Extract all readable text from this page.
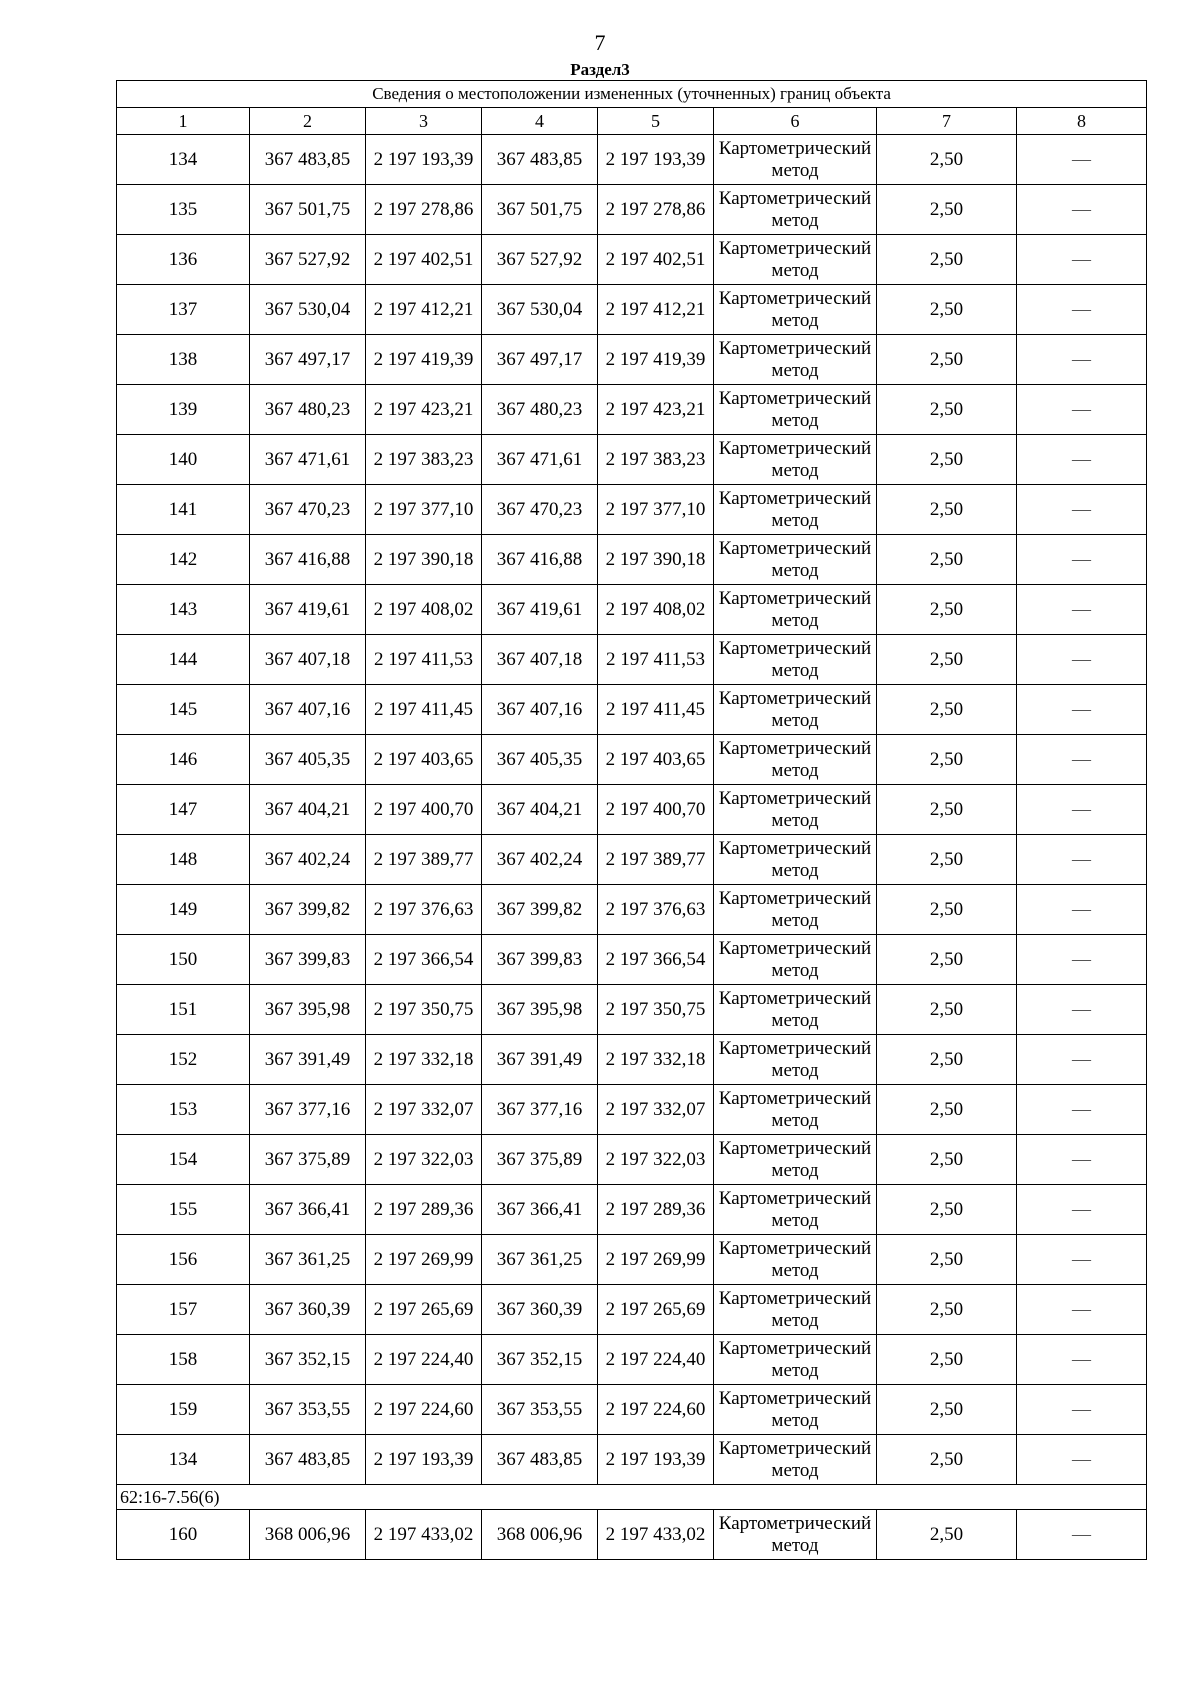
7
Раздел3
Сведения о местоположении измененных (уточненных) границ объекта							
1	2	3	4	5	6	7	8
134	367 483,85	2 197 193,39	367 483,85	2 197 193,39	Картометрический метод	2,50	—
135	367 501,75	2 197 278,86	367 501,75	2 197 278,86	Картометрический метод	2,50	—
136	367 527,92	2 197 402,51	367 527,92	2 197 402,51	Картометрический метод	2,50	—
137	367 530,04	2 197 412,21	367 530,04	2 197 412,21	Картометрический метод	2,50	—
138	367 497,17	2 197 419,39	367 497,17	2 197 419,39	Картометрический метод	2,50	—
139	367 480,23	2 197 423,21	367 480,23	2 197 423,21	Картометрический метод	2,50	—
140	367 471,61	2 197 383,23	367 471,61	2 197 383,23	Картометрический метод	2,50	—
141	367 470,23	2 197 377,10	367 470,23	2 197 377,10	Картометрический метод	2,50	—
142	367 416,88	2 197 390,18	367 416,88	2 197 390,18	Картометрический метод	2,50	—
143	367 419,61	2 197 408,02	367 419,61	2 197 408,02	Картометрический метод	2,50	—
144	367 407,18	2 197 411,53	367 407,18	2 197 411,53	Картометрический метод	2,50	—
145	367 407,16	2 197 411,45	367 407,16	2 197 411,45	Картометрический метод	2,50	—
146	367 405,35	2 197 403,65	367 405,35	2 197 403,65	Картометрический метод	2,50	—
147	367 404,21	2 197 400,70	367 404,21	2 197 400,70	Картометрический метод	2,50	—
148	367 402,24	2 197 389,77	367 402,24	2 197 389,77	Картометрический метод	2,50	—
149	367 399,82	2 197 376,63	367 399,82	2 197 376,63	Картометрический метод	2,50	—
150	367 399,83	2 197 366,54	367 399,83	2 197 366,54	Картометрический метод	2,50	—
151	367 395,98	2 197 350,75	367 395,98	2 197 350,75	Картометрический метод	2,50	—
152	367 391,49	2 197 332,18	367 391,49	2 197 332,18	Картометрический метод	2,50	—
153	367 377,16	2 197 332,07	367 377,16	2 197 332,07	Картометрический метод	2,50	—
154	367 375,89	2 197 322,03	367 375,89	2 197 322,03	Картометрический метод	2,50	—
155	367 366,41	2 197 289,36	367 366,41	2 197 289,36	Картометрический метод	2,50	—
156	367 361,25	2 197 269,99	367 361,25	2 197 269,99	Картометрический метод	2,50	—
157	367 360,39	2 197 265,69	367 360,39	2 197 265,69	Картометрический метод	2,50	—
158	367 352,15	2 197 224,40	367 352,15	2 197 224,40	Картометрический метод	2,50	—
159	367 353,55	2 197 224,60	367 353,55	2 197 224,60	Картометрический метод	2,50	—
134	367 483,85	2 197 193,39	367 483,85	2 197 193,39	Картометрический метод	2,50	—
62:16-7.56(6)							
160	368 006,96	2 197 433,02	368 006,96	2 197 433,02	Картометрический метод	2,50	—
